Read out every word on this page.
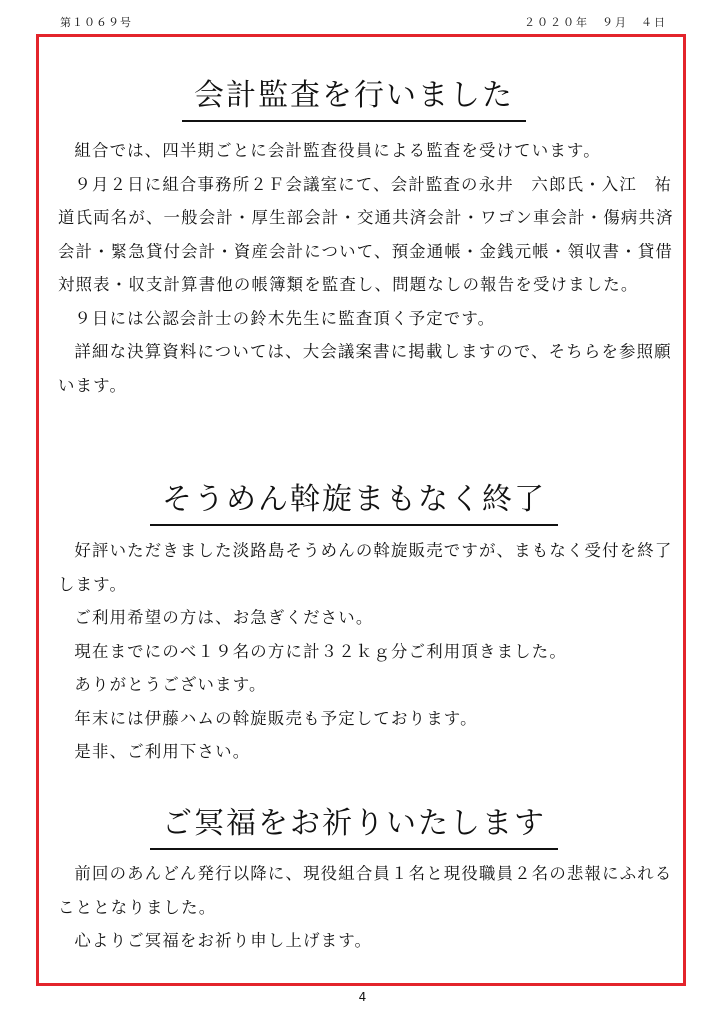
第１０６９号	２０２０年　９月　４日
会計監査を行いました

組合では、四半期ごとに会計監査役員による監査を受けています。

９月２日に組合事務所２Ｆ会議室にて、会計監査の永井　六郎氏・入江　祐道氏両名が、一般会計・厚生部会計・交通共済会計・ワゴン車会計・傷病共済会計・緊急貸付会計・資産会計について、預金通帳・金銭元帳・領収書・貸借対照表・収支計算書他の帳簿類を監査し、問題なしの報告を受けました。

９日には公認会計士の鈴木先生に監査頂く予定です。

詳細な決算資料については、大会議案書に掲載しますので、そちらを参照願います。

そうめん斡旋まもなく終了

好評いただきました淡路島そうめんの斡旋販売ですが、まもなく受付を終了します。

ご利用希望の方は、お急ぎください。

現在までにのべ１９名の方に計３２ｋｇ分ご利用頂きました。

ありがとうございます。

年末には伊藤ハムの斡旋販売も予定しております。

是非、ご利用下さい。

ご冥福をお祈りいたします

前回のあんどん発行以降に、現役組合員１名と現役職員２名の悲報にふれることとなりました。

心よりご冥福をお祈り申し上げます。

4
